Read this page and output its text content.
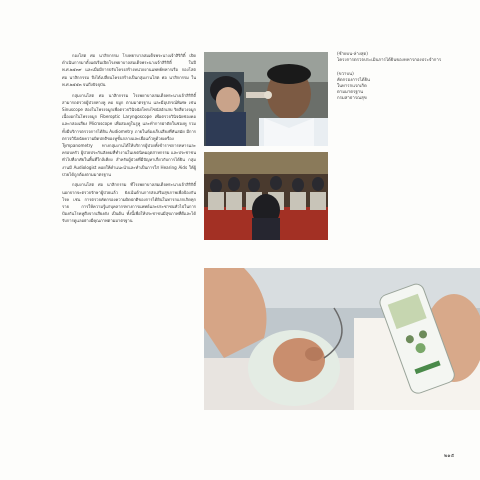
กองโสต ศอ นาสิกกรรม โรงพยาบาลสมเด็จพระนางเจ้าสิริกิติ์ เปิดดำเนินการมาตั้งแต่เริ่มเปิดโรงพยาบาลสมเด็จพระนางเจ้าสิริกิติ์ ในปี พ.ศ.๒๕๓๙ และเมื่อมีการปรับโครงสร้างหน่วยงานแพทย์ทหารเรือ กองโสต ศอ นาสิกกรรม จึงได้เปลี่ยนโครงสร้างเป็นกลุ่มงานโสต ศอ นาสิกกรรม ใน พ.ศ.๒๕๕๓ จนถึงปัจจุบัน

กลุ่มงานโสต ศอ นาสิกกรรม โรงพยาบาลสมเด็จพระนางเจ้าสิริกิติ์ สามารถตรวจผู้ป่วยทางหู คอ จมูก ตามมาตรฐาน และมีอุปกรณ์พิเศษ เช่น Sinuscope ส่องในโพรงจมูกเพื่อตรวจวินิจฉัยโพรงไซนัสอักเสบ ริดสีดวงจมูก เนื้องอกในโพรงจมูก Fiberoptic Laryngoscope เพื่อตรวจวินิจฉัยช่องคอและกล่องเสียง Microscope เพื่อส่องดูในรูหู และทำการผ่าตัดในช่องหู รวมทั้งมีบริการตรวจการได้ยิน Audiometry ภายในห้องเก็บเสียงที่ทันสมัย มีการตรวจวินิจฉัยความผิดปกติของหูชั้นกลางและเยื่อแก้วหูด้วยเครื่อง Tympanometry ทางกลุ่มงานได้ให้บริการผู้ป่วยทั้งข้าราชการทหารและครอบครัว ผู้ป่วยประกันสังคมที่ทำงานในเขตนิคมอุตสาหกรรม และประชาชนทั่วไปที่อาศัยในพื้นที่ใกล้เคียง สำหรับผู้ป่วยที่มีปัญหาเกี่ยวกับการได้ยิน กลุ่มงานมี Audiologist คอยให้คำแนะนำและทำเป็นการใส่ Hearing Aids ให้ผู้ป่วยได้ถูกต้องตามมาตรฐาน

กลุ่มงานโสต ศอ นาสิกกรรม ที่โรงพยาบาลสมเด็จพระนางเจ้าสิริกิติ์ นอกจากจะตรวจรักษาผู้ป่วยแล้ว ยังเน้นด้านการส่งเสริมสุขภาพเพื่อป้องกันโรค เช่น การตรวจคัดกรองความผิดปกติของการได้ยินในทารกแรกเกิดทุกราย การให้ความรู้แก่บุคลากรทางการแพทย์และประชาชนทั่วไปในการป้องกันโรคหูตึงจากเสียงดัง เป็นต้น ทั้งนี้เพื่อให้ประชาชนมีสุขภาพที่ดีและได้รับการดูแลอย่างมีคุณภาพตามมาตรฐาน

(ซ้ายบน-ล่างสุด)
โครงการตรวจประเมินการได้ยินของทหารกองประจำการ
(ขวาบน)
คัดกรองการได้ยิน
ในทารกแรกเกิด
ตามมาตรฐาน
กรมสาธารณสุข
๒๑๕
